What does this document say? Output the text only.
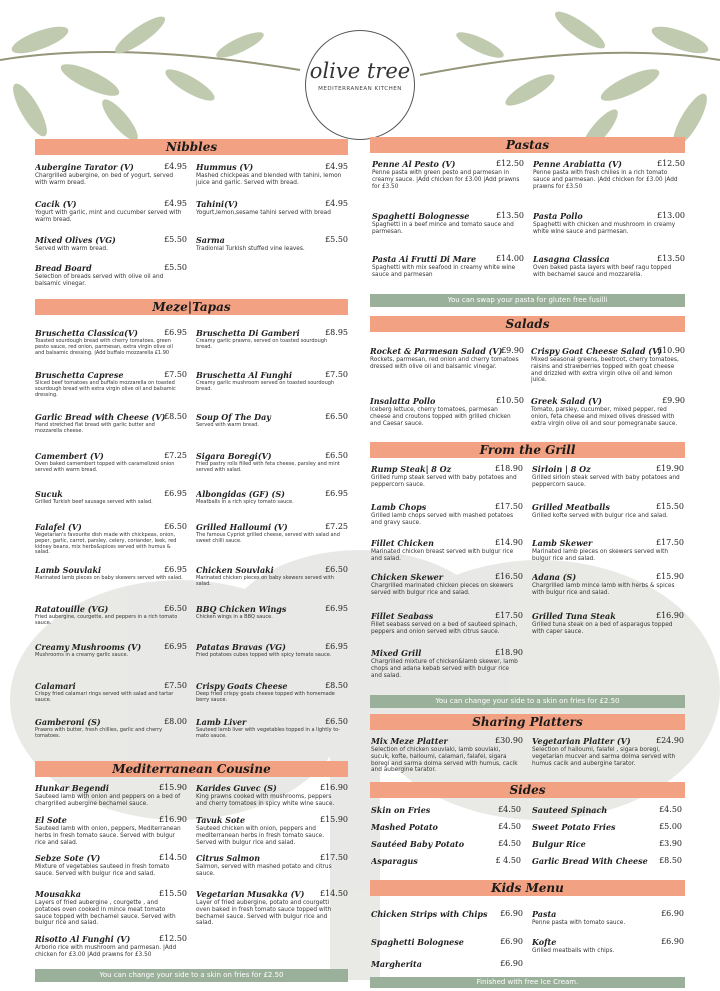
olive tree
MEDITERRANEAN KITCHEN
Nibbles
Aubergine Tarator (V)	£4.95
Chargrilled aubergine, on bed of yogurt, served with warm bread.
Hummus (V)	£4.95
Mashed chickpeas and blended with tahini, lemon juice and garlic. Served with bread.
Cacik (V)	£4.95
Yogurt with garlic, mint and cucumber served with warm bread.
Tahini(V)	£4.95
Yogurt,lemon,sesame tahini served with bread
Mixed Olives (VG)	£5.50
Served with warm bread.
Sarma	£5.50
Tradionial Turkish stuffed vine leaves.
Bread Board	£5.50
Selection of breads served with olive oil and balsamic vinegar.
Meze|Tapas
Bruschetta Classica(V)	£6.95
Toasted sourdough bread with cherry tomatoes, green pesto sauce, red onion, parmesan, extra virgin olive oil and balsamic dressing. |Add buffalo mozzarella £1.90
Bruschetta Di Gamberi	£8.95
Creamy garlic prawns, served on toasted sourdough bread.
Bruschetta Caprese	£7.50
Sliced beef tomatoes and buffalo mozzarella on toasted sourdough bread with extra virgin olive oil and balsamic dressing.
Bruschetta Al Funghi	£7.50
Creamy garlic mushroom served on toasted sourdough bread.
Garlic Bread with Cheese (V)
£8.50
Hand stretched flat bread with garlic butter and mozzarella cheese.
Soup Of The Day	£6.50
Served with warm bread.
Camembert (V)	£7.25
Oven baked camembert topped with caramelized onion served with warm bread.
Sigara Boregi(V)	£6.50
Fried pastry rolls filled with feta cheese, parsley and mint served with salad.
Sucuk	£6.95
Grilled Turkish beef sausage served with salad.
Albongidas (GF) (S)	£6.95
Meatballs in a rich spicy tomato sauce.
Falafel (V)	£6.50
Vegetarian's favourite dish made with chickpeas, onion, peper, garlic, carrot, parsley, celery, coriander, leek, red kidney beans, mix herbs&spices served with humus & salad.
Grilled Halloumi (V)	£7.25
The famous Cypriot grilled cheese, served with salad and sweet chilli sauce.
Lamb Souvlaki	£6.95
Marinated lamb pieces on baby skewers served with salad.
Chicken Souvlaki	£6.50
Marinated chicken pieces on baby skewers served with salad.
Ratatouille (VG)	£6.50
Fried aubergine, courgette, and peppers in a rich tomato sauce.
BBQ Chicken Wings	£6.95
Chicken wings in a BBQ sauce.
Creamy Mushrooms (V)	£6.95
Mushrooms in a creamy garlic sauce.
Patatas Bravas (VG)	£6.95
Fried potatoes cubes topped with spicy tomato sauce.
Calamari	£7.50
Crispy fried calamari rings served with salad and tartar sauce.
Crispy Goats Cheese	£8.50
Deep fried crispy goats cheese topped with homemade berry sauce.
Gamberoni (S)	£8.00
Prawns with butter, fresh chillies, garlic and cherry tomatoes.
Lamb Liver	£6.50
Sauteed lamb liver with vegetables topped in a lightly to-mato sauce.
Mediterranean Cousine
Hunkar Begendi	£15.90
Sauteed lamb with onion and peppers on a bed of chargrilled aubergine bechamel sauce.
Karides Guvec (S)	£16.90
King prawns cooked with mushrooms, peppers and cherry tomatoes in spicy white wine sauce.
El Sote	£16.90
Sauteed lamb with onion, peppers, Mediterranean herbs in fresh tomato sauce. Served with bulgur rice and salad.
Tavuk Sote	£15.90
Sauteed chicken with onion, peppers and mediterranean herbs in fresh tomato sauce. Served with bulgur rice and salad.
Sebze Sote (V)	£14.50
Mixture of vegetables sauteed in fresh tomato sauce. Served with bulgur rice and salad.
Citrus Salmon	£17.50
Salmon, served with mashed potato and citrus sauce.
Mousakka	£15.50
Layers of fried aubergine , courgette , and potatoes oven cooked in mince meat tomato sauce topped with bechamel sauce. Served with bulgur rice and salad.
Vegetarian Musakka (V)	£14.50
Layer of fried aubergine, potato and courgetti oven baked in fresh tomato sauce topped with bechamel sauce. Served with bulgur rice and salad.
Risotto Al Funghi (V)	£12.50
Arborio rice with mushroom and parmesan. |Add chicken for £3.00 |Add prawns for £3.50
You can change your side to a skin on fries for £2.50
Pastas
Penne Al Pesto (V)	£12.50
Penne pasta with green pesto and parmesan in creamy sauce. |Add chicken for £3.00 |Add prawns for £3.50
Penne Arabiatta (V)	£12.50
Penne pasta with fresh chilies in a rich tomato sauce and parmesan. |Add chicken for £3.00 |Add prawns for £3.50
Spaghetti Bolognesse	£13.50
Spaghetti in a beef mince and tomato sauce and parmesan.
Pasta Pollo	£13.00
Spaghetti with chicken and mushroom in creamy white wine sauce and parmesan.
Pasta Ai Frutti Di Mare	£14.00
Spaghetti with mix seafood in creamy white wine sauce and parmesan
Lasagna Classica	£13.50
Oven baked pasta layers with beef ragu topped with bechamel sauce and mozzarella.
You can swap your pasta for gluten free fusilli
Salads
Rocket & Parmesan Salad (V)
£9.90
Rockets, parmesan, red onion and cherry tomatoes dressed with olive oil and balsamic vinegar.
Crispy Goat Cheese Salad (V)
£10.90
Mixed seasonal greens, beetroot, cherry tomatoes, raisins and strawberries topped with goat cheese and drizzled with extra virgin olive oil and lemon juice.
Insalatta Pollo	£10.50
Iceberg lettuce, cherry tomatoes, parmesan cheese and croutons topped with grilled chicken and Caesar sauce.
Greek Salad (V)	£9.90
Tomato, parsley, cucumber, mixed pepper, red onion, feta cheese and mixed olives dressed with extra virgin olive oil and sour pomegranate sauce.
From the Grill
Rump Steak| 8 Oz	£18.90
Grilled rump steak served with baby potatoes and peppercorn sauce.
Sirloin | 8 Oz	£19.90
Grilled sirloin steak served with baby potatoes and peppercorn sauce.
Lamb Chops	£17.50
Grilled lamb chops served with mashed potatoes and gravy sauce.
Grilled Meatballs	£15.50
Grilled kofte served with bulgur rice and salad.
Fillet Chicken	£14.90
Marinated chicken breast served with bulgur rice and salad.
Lamb Skewer	£17.50
Marinated lamb pieces on skewers served with bulgur rice and salad.
Chicken Skewer	£16.50
Chargrilled marinated chicken pieces on skewers served with bulgur rice and salad.
Adana (S)	£15.90
Chargrilled lamb mince lamb with herbs & spices with bulgur rice and salad.
Fillet Seabass	£17.50
Fillet seabass served on a bed of sauteed spinach, peppers and onion served with citrus sauce.
Grilled Tuna Steak	£16.90
Grilled tuna steak on a bed of asparagus topped with caper sauce.
Mixed Grill	£18.90
Chargrilled mixture of chicken&lamb skewer, lamb chops and adana kebab served with bulgur rice and salad.
You can change your side to a skin on fries for £2.50
Sharing Platters
Mix Meze Platter	£30.90
Selection of chicken souvlaki, lamb souvlaki, sucuk, kofte, halloumi, calamari, falafel, sigara boregi and sarma dolma served with humus, cacik and aubergine tarator.
Vegetarian Platter (V)	£24.90
Selection of halloumi, falafel , sigara boregi, vegetarian mucver and sarma dolma served with humus cacik and aubergine tarator.
Sides
Skin on Fries	£4.50 Sauteed Spinach	£4.50
Mashed Potato	£4.50 Sweet Potato Fries	£5.00
Sautéed Baby Potato	£4.50 Bulgur Rice	£3.90
Asparagus	£ 4.50 Garlic Bread With Cheese	£8.50
Kids Menu
Chicken Strips with Chips	£6.90 Pasta	£6.90
Penne pasta with tomato sauce.
Spaghetti Bolognese	£6.90 Kofte	£6.90
Grilled meatballs with chips.
Margherita	£6.90
Finished with free Ice Cream.
